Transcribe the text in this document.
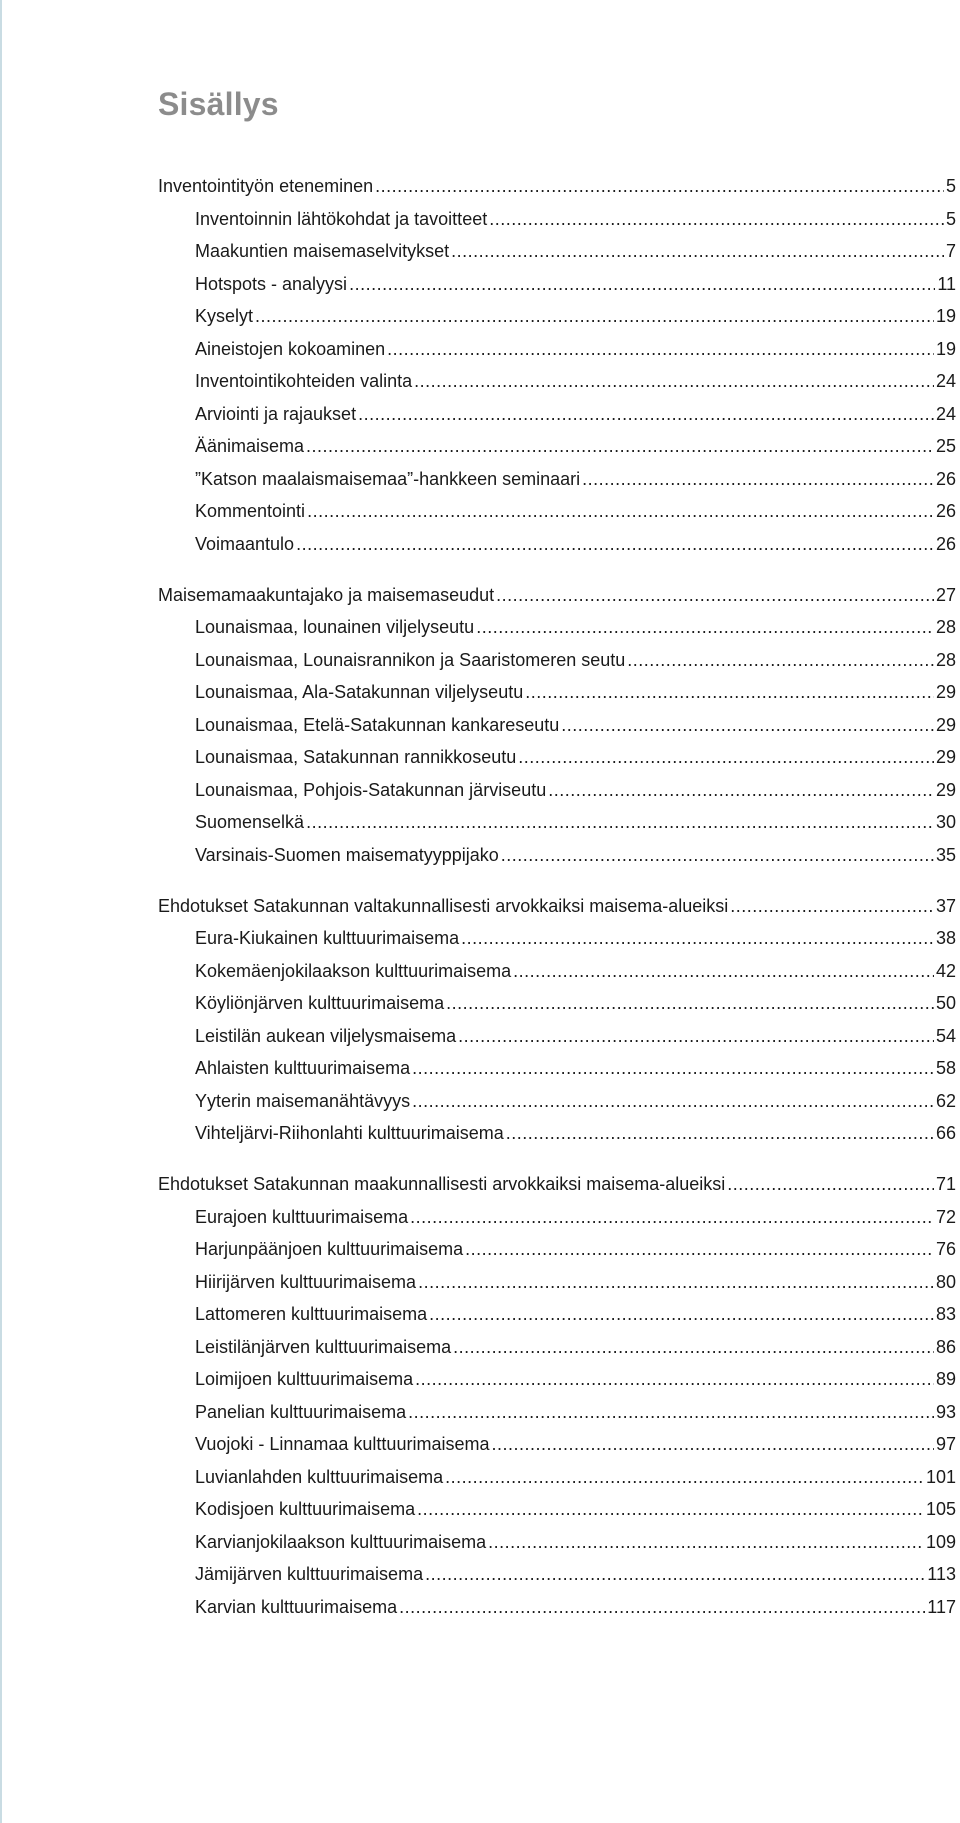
Sisällys
Inventointityön eteneminen .....	5
Inventoinnin lähtökohdat ja tavoitteet .....	5
Maakuntien maisemaselvitykset .....	7
Hotspots - analyysi .....	11
Kyselyt .....	19
Aineistojen kokoaminen .....	19
Inventointikohteiden valinta .....	24
Arviointi ja rajaukset .....	24
Äänimaisema .....	25
”Katson maalaismaisemaa”-hankkeen seminaari .....	26
Kommentointi .....	26
Voimaantulo .....	26
Maisemamaakuntajako ja maisemaseudut .....	27
Lounaismaa, lounainen viljelyseutu .....	28
Lounaismaa, Lounaisrannikon ja Saaristomeren seutu .....	28
Lounaismaa, Ala-Satakunnan viljelyseutu .....	29
Lounaismaa, Etelä-Satakunnan kankareseutu .....	29
Lounaismaa, Satakunnan rannikkoseutu .....	29
Lounaismaa, Pohjois-Satakunnan järviseutu .....	29
Suomenselkä .....	30
Varsinais-Suomen maisematyyppijako .....	35
Ehdotukset Satakunnan valtakunnallisesti arvokkaiksi maisema-alueiksi .....	37
Eura-Kiukainen kulttuurimaisema .....	38
Kokemäenjokilaakson kulttuurimaisema .....	42
Köyliönjärven kulttuurimaisema .....	50
Leistilän aukean viljelysmaisema .....	54
Ahlaisten kulttuurimaisema .....	58
Yyterin maisemanähtävyys .....	62
Vihteljärvi-Riihonlahti kulttuurimaisema .....	66
Ehdotukset Satakunnan maakunnallisesti arvokkaiksi maisema-alueiksi .....	71
Eurajoen kulttuurimaisema .....	72
Harjunpäänjoen kulttuurimaisema .....	76
Hiirijärven kulttuurimaisema .....	80
Lattomeren kulttuurimaisema .....	83
Leistilänjärven kulttuurimaisema .....	86
Loimijoen kulttuurimaisema .....	89
Panelian kulttuurimaisema .....	93
Vuojoki - Linnamaa kulttuurimaisema .....	97
Luvianlahden kulttuurimaisema .....	101
Kodisjoen kulttuurimaisema .....	105
Karvianjokilaakson kulttuurimaisema .....	109
Jämijärven kulttuurimaisema .....	113
Karvian kulttuurimaisema .....	117
